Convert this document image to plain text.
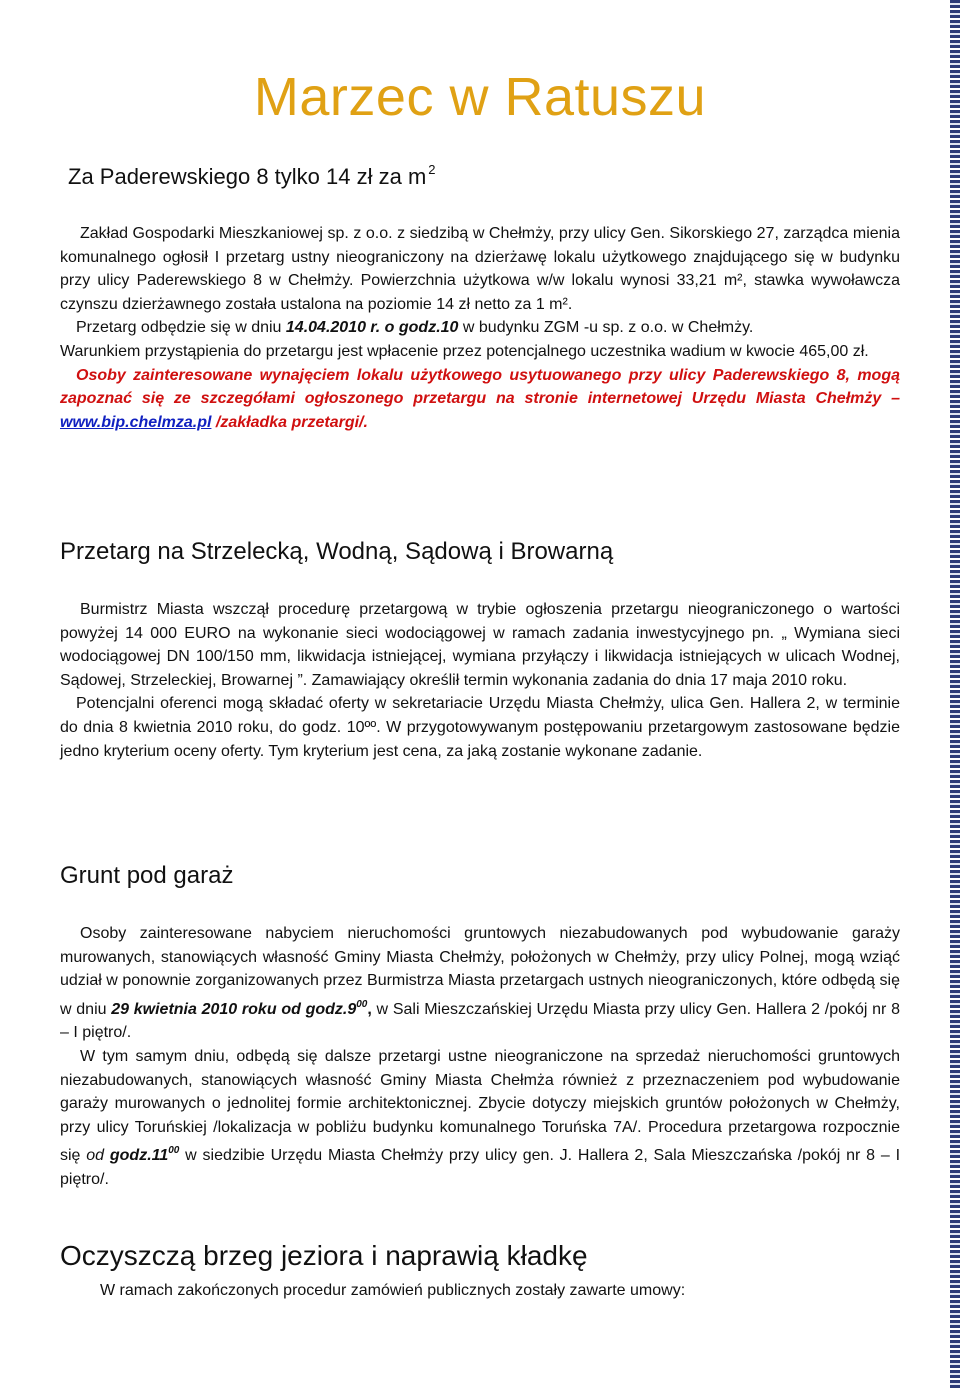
Marzec w Ratuszu
Za Paderewskiego 8 tylko 14 zł za m $^2$

Zakład Gospodarki Mieszkaniowej sp. z o.o. z siedzibą w Chełmży, przy ulicy Gen. Sikorskiego 27, zarządca mienia komunalnego ogłosił I przetarg ustny nieograniczony na dzierżawę lokalu użytkowego znajdującego się w budynku przy ulicy Paderewskiego 8 w Chełmży. Powierzchnia użytkowa w/w lokalu wynosi 33,21 m², stawka wywoławcza czynszu dzierżawnego została ustalona na poziomie 14 zł netto za 1 m².

Przetarg odbędzie się w dniu 14.04.2010 r. o godz.10 w budynku ZGM -u sp. z o.o. w Chełmży.

Warunkiem przystąpienia do przetargu jest wpłacenie przez potencjalnego uczestnika wadium w kwocie 465,00 zł.

Osoby zainteresowane wynajęciem lokalu użytkowego usytuowanego przy ulicy Paderewskiego 8, mogą zapoznać się ze szczegółami ogłoszonego przetargu na stronie internetowej Urzędu Miasta Chełmży – www.bip.chelmza.pl /zakładka przetargi/.

Przetarg na Strzelecką, Wodną, Sądową i Browarną

Burmistrz Miasta wszczął procedurę przetargową w trybie ogłoszenia przetargu nieograniczonego o wartości powyżej 14 000 EURO na wykonanie sieci wodociągowej w ramach zadania inwestycyjnego pn. „ Wymiana sieci wodociągowej DN 100/150 mm, likwidacja istniejącej, wymiana przyłączy i likwidacja istniejących w ulicach Wodnej, Sądowej, Strzeleckiej, Browarnej ”. Zamawiający określił termin wykonania zadania do dnia 17 maja 2010 roku.

Potencjalni oferenci mogą składać oferty w sekretariacie Urzędu Miasta Chełmży, ulica Gen. Hallera 2, w terminie do dnia 8 kwietnia 2010 roku, do godz. 10ºº. W przygotowywanym postępowaniu przetargowym zastosowane będzie jedno kryterium oceny oferty. Tym kryterium jest cena, za jaką zostanie wykonane zadanie.

Grunt pod garaż

Osoby zainteresowane nabyciem nieruchomości gruntowych niezabudowanych pod wybudowanie garaży murowanych, stanowiących własność Gminy Miasta Chełmży, położonych w Chełmży, przy ulicy Polnej, mogą wziąć udział w ponownie zorganizowanych przez Burmistrza Miasta przetargach ustnych nieograniczonych, które odbędą się w dniu 29 kwietnia 2010 roku od $godz.9^{00}$, w Sali Mieszczańskiej Urzędu Miasta przy ulicy Gen. Hallera 2 /pokój nr 8 – I piętro/.

W tym samym dniu, odbędą się dalsze przetargi ustne nieograniczone na sprzedaż nieruchomości gruntowych niezabudowanych, stanowiących własność Gminy Miasta Chełmża również z przeznaczeniem pod wybudowanie garaży murowanych o jednolitej formie architektonicznej. Zbycie dotyczy miejskich gruntów położonych w Chełmży, przy ulicy Toruńskiej /lokalizacja w pobliżu budynku komunalnego Toruńska 7A/. Procedura przetargowa rozpocznie się od $godz.11^{00}$ w siedzibie Urzędu Miasta Chełmży przy ulicy gen. J. Hallera 2, Sala Mieszczańska /pokój nr 8 – I piętro/.

Oczyszczą brzeg jeziora i naprawią kładkę

W ramach zakończonych procedur zamówień publicznych zostały zawarte umowy:
